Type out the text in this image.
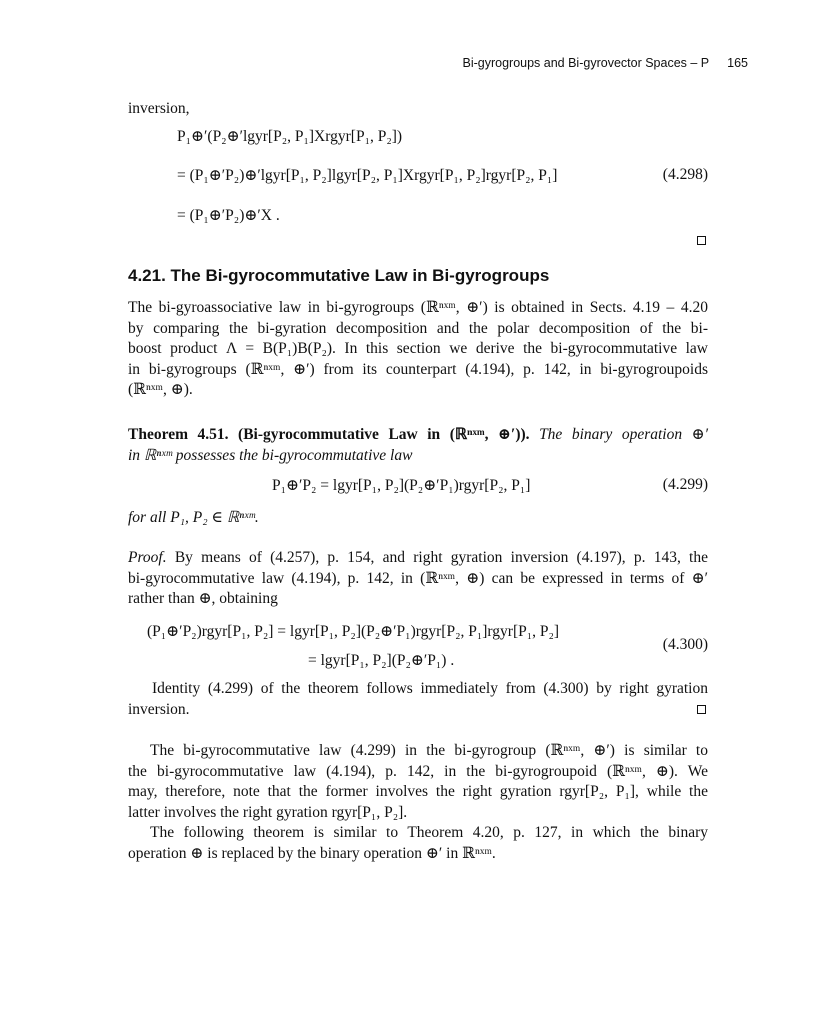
Bi-gyrogroups and Bi-gyrovector Spaces – P 165
inversion,
P₁⊕′(P₂⊕′lgyr[P₂, P₁]Xrgyr[P₁, P₂])
= (P₁⊕′P₂)⊕′lgyr[P₁, P₂]lgyr[P₂, P₁]Xrgyr[P₁, P₂]rgyr[P₂, P₁]	(4.298)
= (P₁⊕′P₂)⊕′X .
4.21. The Bi-gyrocommutative Law in Bi-gyrogroups
The bi-gyroassociative law in bi-gyrogroups (ℝⁿˣᵐ, ⊕′) is obtained in Sects. 4.19 – 4.20
by comparing the bi-gyration decomposition and the polar decomposition of the bi-
boost product Λ = B(P₁)B(P₂). In this section we derive the bi-gyrocommutative law
in bi-gyrogroups (ℝⁿˣᵐ, ⊕′) from its counterpart (4.194), p. 142, in bi-gyrogroupoids
(ℝⁿˣᵐ, ⊕).
Theorem 4.51. (Bi-gyrocommutative Law in (ℝⁿˣᵐ, ⊕′)). The binary operation ⊕′
in ℝⁿˣᵐ possesses the bi-gyrocommutative law
P₁⊕′P₂ = lgyr[P₁, P₂](P₂⊕′P₁)rgyr[P₂, P₁]	(4.299)
for all P₁, P₂ ∈ ℝⁿˣᵐ.
Proof. By means of (4.257), p. 154, and right gyration inversion (4.197), p. 143, the
bi-gyrocommutative law (4.194), p. 142, in (ℝⁿˣᵐ, ⊕) can be expressed in terms of ⊕′
rather than ⊕, obtaining
(P₁⊕′P₂)rgyr[P₁, P₂] = lgyr[P₁, P₂](P₂⊕′P₁)rgyr[P₂, P₁]rgyr[P₁, P₂]
(4.300)
= lgyr[P₁, P₂](P₂⊕′P₁) .
Identity (4.299) of the theorem follows immediately from (4.300) by right gyration
inversion.
The bi-gyrocommutative law (4.299) in the bi-gyrogroup (ℝⁿˣᵐ, ⊕′) is similar to
the bi-gyrocommutative law (4.194), p. 142, in the bi-gyrogroupoid (ℝⁿˣᵐ, ⊕). We
may, therefore, note that the former involves the right gyration rgyr[P₂, P₁], while the
latter involves the right gyration rgyr[P₁, P₂].
The following theorem is similar to Theorem 4.20, p. 127, in which the binary
operation ⊕ is replaced by the binary operation ⊕′ in ℝⁿˣᵐ.
